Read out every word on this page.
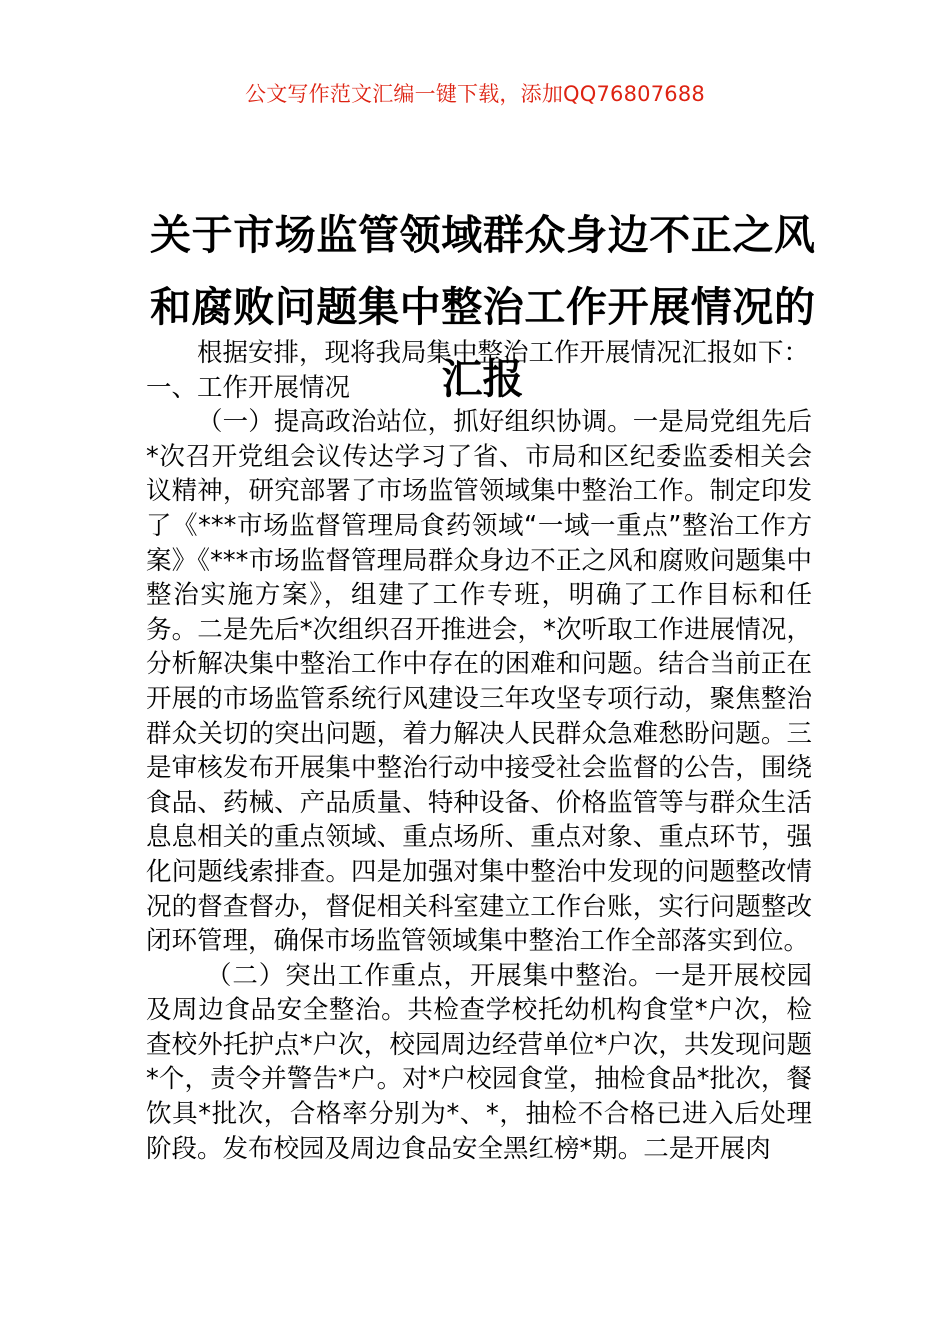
公文写作范文汇编一键下载，添加QQ76807688
关于市场监管领域群众身边不正之风和腐败问题集中整治工作开展情况的汇报

根据安排，现将我局集中整治工作开展情况汇报如下：

一、工作开展情况

（一）提高政治站位，抓好组织协调。一是局党组先后*次召开党组会议传达学习了省、市局和区纪委监委相关会议精神，研究部署了市场监管领域集中整治工作。制定印发了《***市场监督管理局食药领域“一域一重点”整治工作方案》《***市场监督管理局群众身边不正之风和腐败问题集中整治实施方案》，组建了工作专班，明确了工作目标和任务。二是先后*次组织召开推进会，*次听取工作进展情况，分析解决集中整治工作中存在的困难和问题。结合当前正在开展的市场监管系统行风建设三年攻坚专项行动，聚焦整治群众关切的突出问题，着力解决人民群众急难愁盼问题。三是审核发布开展集中整治行动中接受社会监督的公告，围绕食品、药械、产品质量、特种设备、价格监管等与群众生活息息相关的重点领域、重点场所、重点对象、重点环节，强化问题线索排查。四是加强对集中整治中发现的问题整改情况的督查督办，督促相关科室建立工作台账，实行问题整改闭环管理，确保市场监管领域集中整治工作全部落实到位。

（二）突出工作重点，开展集中整治。一是开展校园及周边食品安全整治。共检查学校托幼机构食堂*户次，检查校外托护点*户次，校园周边经营单位*户次，共发现问题*个，责令并警告*户。对*户校园食堂，抽检食品*批次，餐饮具*批次，合格率分别为*、*，抽检不合格已进入后处理阶段。发布校园及周边食品安全黑红榜*期。二是开展肉
